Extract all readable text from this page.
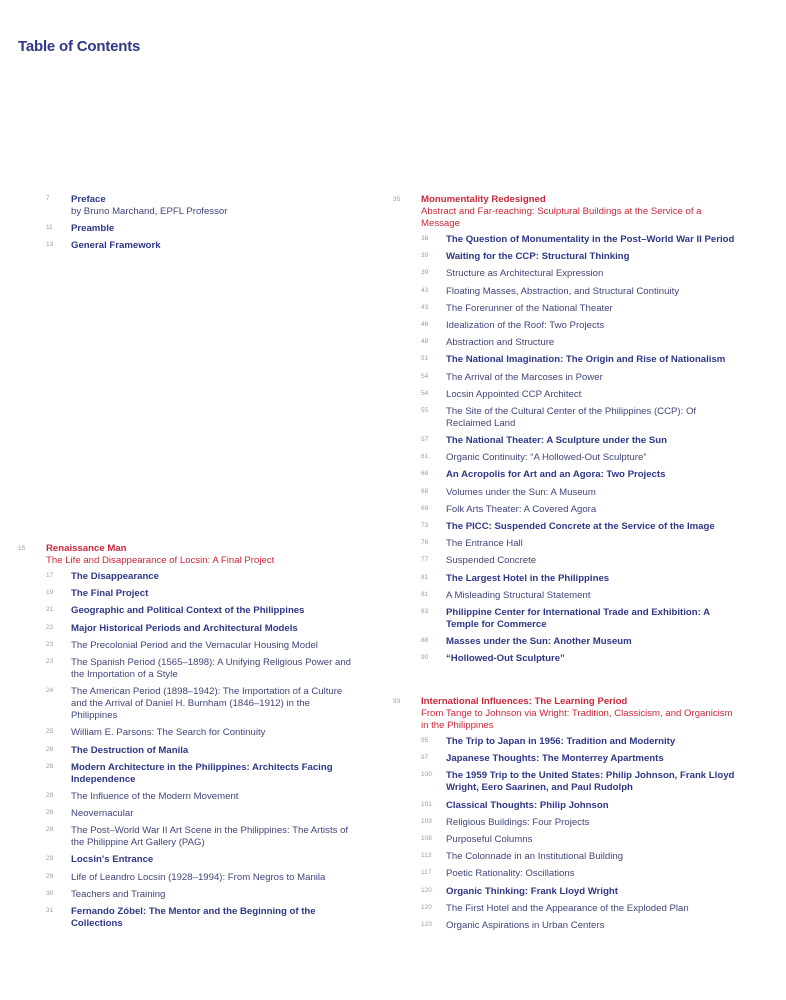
Table of Contents
7 Preface
by Bruno Marchand, EPFL Professor
11 Preamble
13 General Framework
15 Renaissance Man
The Life and Disappearance of Locsin: A Final Project
17 The Disappearance
19 The Final Project
21 Geographic and Political Context of the Philippines
22 Major Historical Periods and Architectural Models
23 The Precolonial Period and the Vernacular Housing Model
23 The Spanish Period (1565–1898): A Unifying Religious Power and the Importation of a Style
24 The American Period (1898–1942): The Importation of a Culture and the Arrival of Daniel H. Burnham (1846–1912) in the Philippines
25 William E. Parsons: The Search for Continuity
26 The Destruction of Manila
26 Modern Architecture in the Philippines: Architects Facing Independence
28 The Influence of the Modern Movement
28 Neovernacular
28 The Post–World War II Art Scene in the Philippines: The Artists of the Philippine Art Gallery (PAG)
29 Locsin's Entrance
29 Life of Leandro Locsin (1928–1994): From Negros to Manila
30 Teachers and Training
31 Fernando Zóbel: The Mentor and the Beginning of the Collections
35 Monumentality Redesigned
Abstract and Far-reaching: Sculptural Buildings at the Service of a Message
38 The Question of Monumentality in the Post–World War II Period
39 Waiting for the CCP: Structural Thinking
39 Structure as Architectural Expression
43 Floating Masses, Abstraction, and Structural Continuity
43 The Forerunner of the National Theater
46 Idealization of the Roof: Two Projects
48 Abstraction and Structure
51 The National Imagination: The Origin and Rise of Nationalism
54 The Arrival of the Marcoses in Power
54 Locsin Appointed CCP Architect
55 The Site of the Cultural Center of the Philippines (CCP): Of Reclaimed Land
57 The National Theater: A Sculpture under the Sun
61 Organic Continuity: “A Hollowed-Out Sculpture”
68 An Acropolis for Art and an Agora: Two Projects
68 Volumes under the Sun: A Museum
69 Folk Arts Theater: A Covered Agora
73 The PICC: Suspended Concrete at the Service of the Image
76 The Entrance Hall
77 Suspended Concrete
81 The Largest Hotel in the Philippines
81 A Misleading Structural Statement
83 Philippine Center for International Trade and Exhibition: A Temple for Commerce
88 Masses under the Sun: Another Museum
90 “Hollowed-Out Sculpture”
93 International Influences: The Learning Period
From Tange to Johnson via Wright: Tradition, Classicism, and Organicism in the Philippines
95 The Trip to Japan in 1956: Tradition and Modernity
97 Japanese Thoughts: The Monterrey Apartments
100 The 1959 Trip to the United States: Philip Johnson, Frank Lloyd Wright, Eero Saarinen, and Paul Rudolph
101 Classical Thoughts: Philip Johnson
103 Religious Buildings: Four Projects
108 Purposeful Columns
113 The Colonnade in an Institutional Building
117 Poetic Rationality: Oscillations
120 Organic Thinking: Frank Lloyd Wright
120 The First Hotel and the Appearance of the Exploded Plan
123 Organic Aspirations in Urban Centers
